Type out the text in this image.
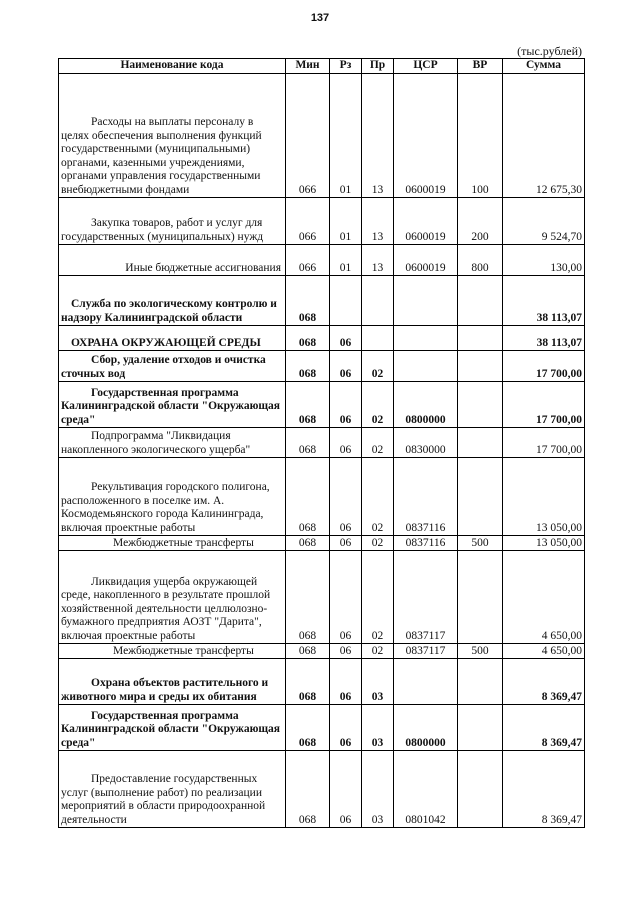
137
(тыс.рублей)
Наименование кода	Мин	Рз	Пр	ЦСР	ВР	Сумма
Расходы на выплаты персоналу в целях обеспечения выполнения функций государственными (муниципальными) органами, казенными учреждениями, органами управления государственными внебюджетными фондами	066	01	13	0600019	100	12 675,30
Закупка товаров, работ и услуг для государственных (муниципальных) нужд	066	01	13	0600019	200	9 524,70
Иные бюджетные ассигнования	066	01	13	0600019	800	130,00
Служба по экологическому контролю и надзору Калининградской области	068					38 113,07
ОХРАНА ОКРУЖАЮЩЕЙ СРЕДЫ	068	06				38 113,07
Сбор, удаление отходов и очистка сточных вод	068	06	02			17 700,00
Государственная программа Калининградской области "Окружающая среда"	068	06	02	0800000		17 700,00
Подпрограмма "Ликвидация накопленного экологического ущерба"	068	06	02	0830000		17 700,00
Рекультивация городского полигона, расположенного в поселке им. А. Космодемьянского города Калининграда, включая проектные работы	068	06	02	0837116		13 050,00
Межбюджетные трансферты	068	06	02	0837116	500	13 050,00
Ликвидация ущерба окружающей среде, накопленного в результате прошлой хозяйственной деятельности целлюлозно-бумажного предприятия АОЗТ "Дарита", включая проектные работы	068	06	02	0837117		4 650,00
Межбюджетные трансферты	068	06	02	0837117	500	4 650,00
Охрана объектов растительного и животного мира и среды их обитания	068	06	03			8 369,47
Государственная программа Калининградской области "Окружающая среда"	068	06	03	0800000		8 369,47
Предоставление государственных услуг (выполнение работ) по реализации мероприятий в области природоохранной деятельности	068	06	03	0801042		8 369,47
